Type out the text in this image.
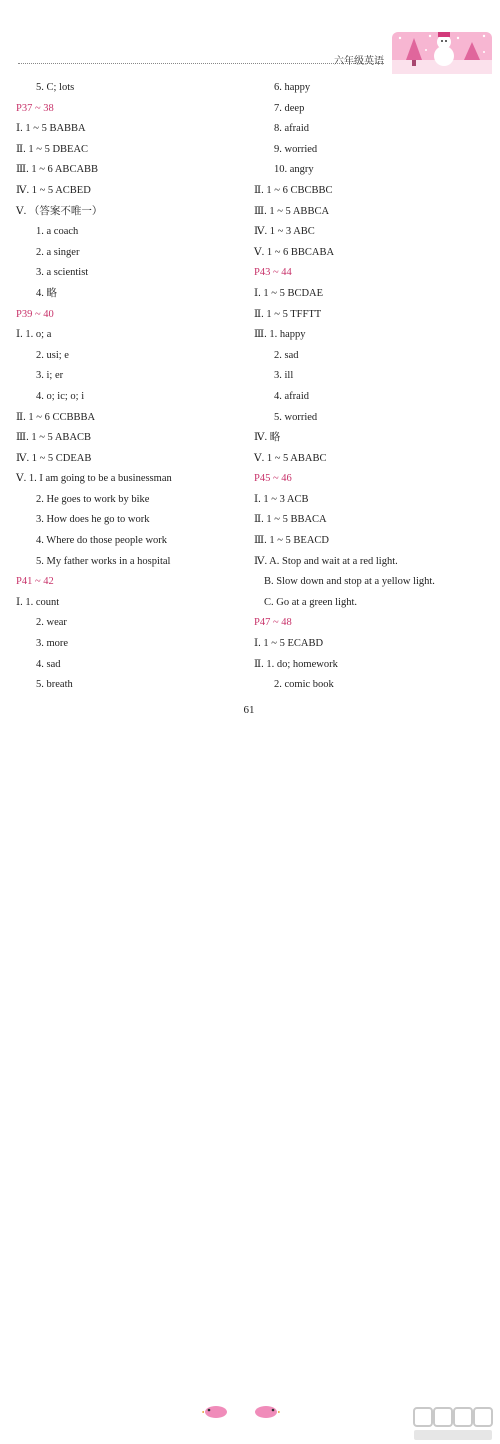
六年级英语
5. C; lots
P37 ~ 38
Ⅰ. 1 ~ 5 BABBA
Ⅱ. 1 ~ 5 DBEAC
Ⅲ. 1 ~ 6 ABCABB
Ⅳ. 1 ~ 5 ACBED
Ⅴ. （答案不唯一）
1. a coach
2. a singer
3. a scientist
4. 略
P39 ~ 40
Ⅰ. 1. o; a
2. usi; e
3. i; er
4. o; ic; o; i
Ⅱ. 1 ~ 6 CCBBBA
Ⅲ. 1 ~ 5 ABACB
Ⅳ. 1 ~ 5 CDEAB
Ⅴ. 1. I am going to be a businessman
2. He goes to work by bike
3. How does he go to work
4. Where do those people work
5. My father works in a hospital
P41 ~ 42
Ⅰ. 1. count
2. wear
3. more
4. sad
5. breath
6. happy
7. deep
8. afraid
9. worried
10. angry
Ⅱ. 1 ~ 6 CBCBBC
Ⅲ. 1 ~ 5 ABBCA
Ⅳ. 1 ~ 3 ABC
Ⅴ. 1 ~ 6 BBCABA
P43 ~ 44
Ⅰ. 1 ~ 5 BCDAE
Ⅱ. 1 ~ 5 TFFTT
Ⅲ. 1. happy
2. sad
3. ill
4. afraid
5. worried
Ⅳ. 略
Ⅴ. 1 ~ 5 ABABC
P45 ~ 46
Ⅰ. 1 ~ 3 ACB
Ⅱ. 1 ~ 5 BBACA
Ⅲ. 1 ~ 5 BEACD
Ⅳ. A. Stop and wait at a red light.
B. Slow down and stop at a yellow light.
C. Go at a green light.
P47 ~ 48
Ⅰ. 1 ~ 5 ECABD
Ⅱ. 1. do; homework
2. comic book
61
